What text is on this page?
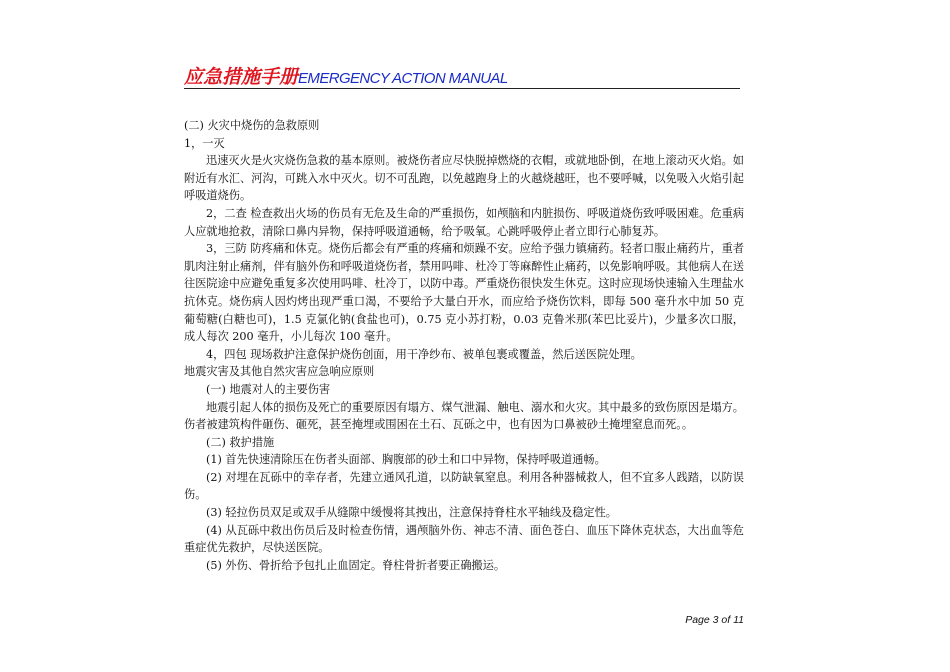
应急措施手册EMERGENCY ACTION MANUAL

(二) 火灾中烧伤的急救原则

1，一灭

迅速灭火是火灾烧伤急救的基本原则。被烧伤者应尽快脱掉燃烧的衣帽，或就地卧倒，在地上滚动灭火焰。如附近有水汇、河沟，可跳入水中灭火。切不可乱跑，以免越跑身上的火越烧越旺，也不要呼喊，以免吸入火焰引起呼吸道烧伤。

2，二查 检查救出火场的伤员有无危及生命的严重损伤，如颅脑和内脏损伤、呼吸道烧伤致呼吸困难。危重病人应就地抢救，清除口鼻内异物，保持呼吸道通畅，给予吸氧。心跳呼吸停止者立即行心肺复苏。

3，三防 防疼痛和休克。烧伤后都会有严重的疼痛和烦躁不安。应给予强力镇痛药。轻者口服止痛药片，重者肌肉注射止痛剂，伴有脑外伤和呼吸道烧伤者，禁用吗啡、杜冷丁等麻醉性止痛药，以免影响呼吸。其他病人在送往医院途中应避免重复多次使用吗啡、杜冷丁，以防中毒。严重烧伤很快发生休克。这时应现场快速输入生理盐水抗休克。烧伤病人因灼烤出现严重口渴，不要给予大量白开水，而应给予烧伤饮料，即每 500 毫升水中加 50 克葡萄糖(白糖也可)，1.5 克氯化钠(食盐也可)，0.75 克小苏打粉，0.03 克鲁米那(苯巴比妥片)，少量多次口服，成人每次 200 毫升，小儿每次 100 毫升。

4，四包 现场救护注意保护烧伤创面，用干净纱布、被单包裹或覆盖，然后送医院处理。

地震灾害及其他自然灾害应急响应原则

(一) 地震对人的主要伤害

地震引起人体的损伤及死亡的重要原因有塌方、煤气泄漏、触电、溺水和火灾。其中最多的致伤原因是塌方。伤者被建筑构件砸伤、砸死，甚至掩埋或围困在土石、瓦砾之中，也有因为口鼻被砂土掩埋窒息而死。。

(二) 救护措施

(1) 首先快速清除压在伤者头面部、胸腹部的砂土和口中异物，保持呼吸道通畅。

(2) 对埋在瓦砾中的幸存者，先建立通风孔道，以防缺氧窒息。利用各种器械救人，但不宜多人践踏，以防误伤。

(3) 轻拉伤员双足或双手从缝隙中缓慢将其拽出，注意保持脊柱水平轴线及稳定性。

(4) 从瓦砾中救出伤员后及时检查伤情，遇颅脑外伤、神志不清、面色苍白、血压下降休克状态，大出血等危重症优先救护，尽快送医院。

(5) 外伤、骨折给予包扎止血固定。脊柱骨折者要正确搬运。

Page 3 of 11
